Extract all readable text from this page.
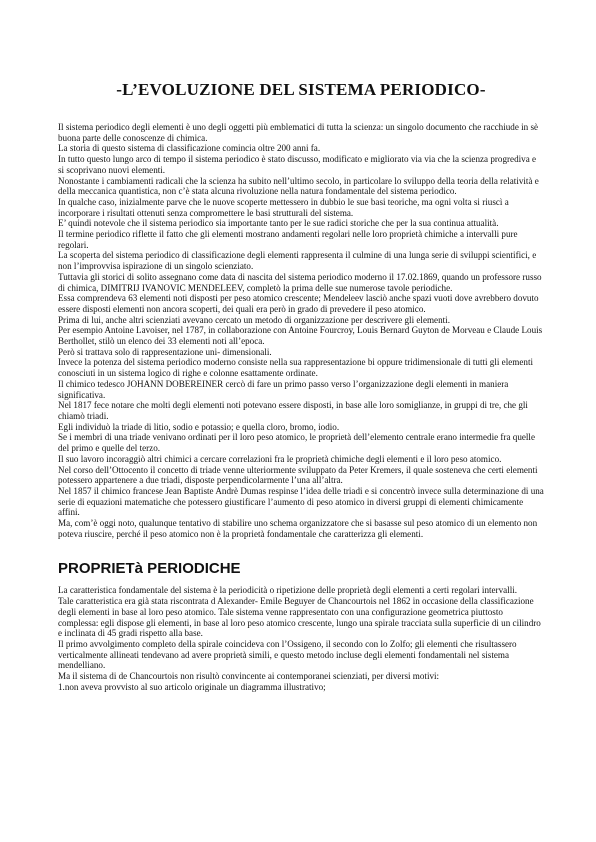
-L’EVOLUZIONE DEL SISTEMA PERIODICO-

Il sistema periodico degli elementi è uno degli oggetti più emblematici di tutta la scienza: un singolo documento che racchiude in sè buona parte delle conoscenze di chimica.

La storia di questo sistema di classificazione comincia oltre 200 anni fa.

In tutto questo lungo arco di tempo il sistema periodico è stato discusso, modificato e migliorato via via che la scienza progrediva e si scoprivano nuovi elementi.

Nonostante i cambiamenti radicali che la scienza ha subito nell’ultimo secolo, in particolare lo sviluppo della teoria della relatività e della meccanica quantistica, non c’è stata alcuna rivoluzione nella natura fondamentale del sistema periodico.

In qualche caso, inizialmente parve che le nuove scoperte mettessero in dubbio le sue basi teoriche, ma ogni volta si riuscì a incorporare i risultati ottenuti senza compromettere le basi strutturali del sistema.

E’ quindi notevole che il sistema periodico sia importante tanto per le sue radici storiche che per la sua continua attualità.

Il termine periodico riflette il fatto che gli elementi mostrano andamenti regolari nelle loro proprietà chimiche a intervalli pure regolari.

La scoperta del sistema periodico di classificazione degli elementi rappresenta il culmine di una lunga serie di sviluppi scientifici, e non l’improvvisa ispirazione di un singolo scienziato.

Tuttavia gli storici di solito assegnano come data di nascita del sistema periodico moderno il 17.02.1869, quando un professore russo di chimica, DIMITRIJ IVANOVIC MENDELEEV, completò la prima delle sue numerose tavole periodiche.

Essa comprendeva 63 elementi noti disposti per peso atomico crescente; Mendeleev lasciò anche spazi vuoti dove avrebbero dovuto essere disposti elementi non ancora scoperti, dei quali era però in grado di prevedere il peso atomico.

Prima di lui, anche altri scienziati avevano cercato un metodo di organizzazione per descrivere gli elementi.

Per esempio Antoine Lavoiser, nel 1787, in collaborazione con Antoine Fourcroy, Louis Bernard Guyton de Morveau e Claude Louis Berthollet, stilò un elenco dei 33 elementi noti all’epoca.

Però si trattava solo di rappresentazione uni- dimensionali.

Invece la potenza del sistema periodico moderno consiste nella sua rappresentazione bi oppure tridimensionale di tutti gli elementi conosciuti in un sistema logico di righe e colonne esattamente ordinate.

Il chimico tedesco JOHANN DOBEREINER cercò di fare un primo passo verso l’organizzazione degli elementi in maniera significativa.

Nel 1817 fece notare che molti degli elementi noti potevano essere disposti, in base alle loro somiglianze, in gruppi di tre, che gli chiamò triadi.

Egli individuò la triade di litio, sodio e potassio; e quella cloro, bromo, iodio.

Se i membri di una triade venivano ordinati per il loro peso atomico, le proprietà dell’elemento centrale erano intermedie fra quelle del primo e quelle del terzo.

Il suo lavoro incoraggiò altri chimici a cercare correlazioni fra le proprietà chimiche degli elementi e il loro peso atomico.

Nel corso dell’Ottocento il concetto di triade venne ulteriormente sviluppato da Peter Kremers, il quale sosteneva che certi elementi potessero appartenere a due triadi, disposte perpendicolarmente l’una all’altra.

Nel 1857 il chimico francese Jean Baptiste Andrè Dumas respinse l’idea delle triadi e si concentrò invece sulla determinazione di una serie di equazioni matematiche che potessero giustificare l’aumento di peso atomico in diversi gruppi di elementi chimicamente affini.

Ma, com’è oggi noto, qualunque tentativo di stabilire uno schema organizzatore che si basasse sul peso atomico di un elemento non poteva riuscire, perché il peso atomico non è la proprietà fondamentale che caratterizza gli elementi.

PROPRIETà PERIODICHE

La caratteristica fondamentale del sistema è la periodicità o ripetizione delle proprietà degli elementi a certi regolari intervalli.

Tale caratteristica era già stata riscontrata d Alexander- Emile Beguyer de Chancourtois nel 1862 in occasione della classificazione degli elementi in base al loro peso atomico. Tale sistema venne rappresentato con una configurazione geometrica piuttosto complessa: egli dispose gli elementi, in base al loro peso atomico crescente, lungo una spirale tracciata sulla superficie di un cilindro e inclinata di 45 gradi rispetto alla base.

Il primo avvolgimento completo della spirale coincideva con l’Ossigeno, il secondo con lo Zolfo; gli elementi che risultassero verticalmente allineati tendevano ad avere proprietà simili, e questo metodo incluse degli elementi fondamentali nel sistema mendelliano.

Ma il sistema di de Chancourtois non risultò convincente ai contemporanei scienziati, per diversi motivi:

1.non aveva provvisto al suo articolo originale un diagramma illustrativo;
